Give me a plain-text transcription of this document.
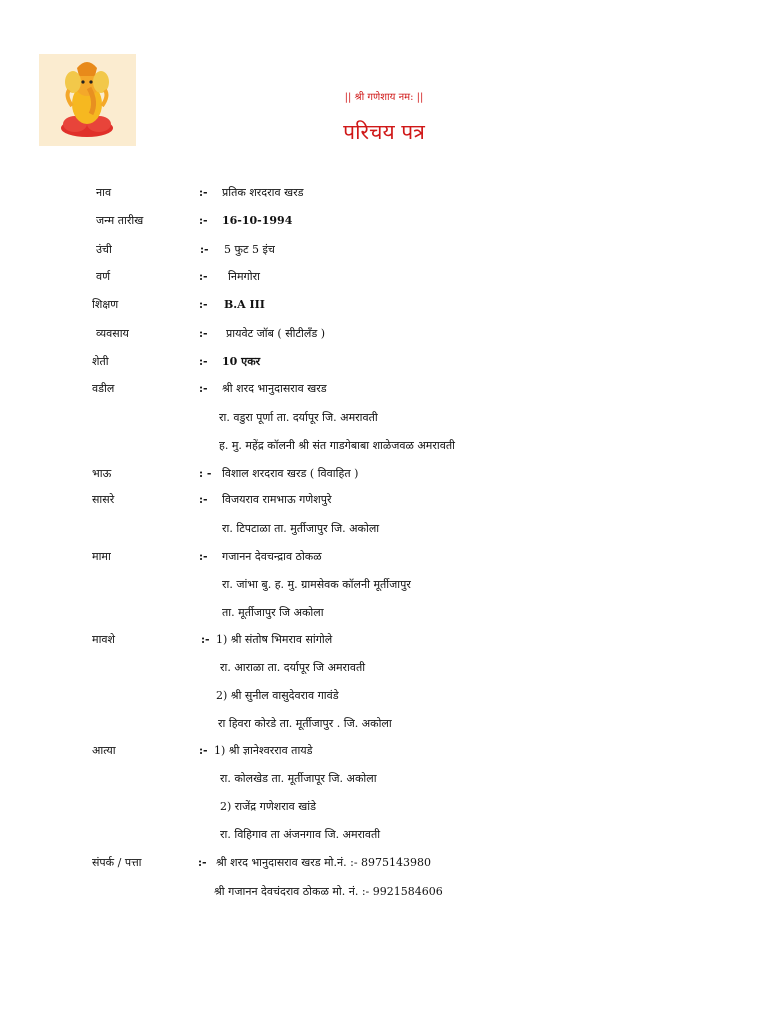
|| श्री गणेशाय नम: ||
परिचय पत्र
नाव	:- प्रतिक शरदराव खरड
जन्म तारीख	:- 16-10-1994
उंची	:- 5 फुट 5 इंच
वर्ण	:- निमगोरा
शिक्षण	:- B.A III
व्यवसाय	:- प्रायवेट जॉब ( सीटीलँड )
शेती	:- 10 एकर
वडील	:- श्री शरद भानुदासराव खरड
रा. वडुरा पूर्णा ता. दर्यापूर जि. अमरावती
ह. मु. महेंद्र कॉलनी श्री संत गाडगेबाबा शाळेजवळ अमरावती
भाऊ	: - विशाल शरदराव खरड ( विवाहित )
सासरे	:- विजयराव रामभाऊ गणेशपुरे
रा. टिपटाळा ता. मुर्तीजापुर जि. अकोला
मामा	:- गजानन देवचन्द्राव ठोकळ
रा. जांभा बु. ह. मु. ग्रामसेवक कॉलनी मूर्तीजापुर
ता. मूर्तीजापुर जि अकोला
मावशे	:- 1) श्री संतोष भिमराव सांगोले
रा. आराळा ता. दर्यापूर जि अमरावती
2) श्री सुनील वासुदेवराव गावंडे
रा हिवरा कोरडे ता. मूर्तीजापुर . जि. अकोला
आत्या	:- 1) श्री ज्ञानेश्वरराव तायडे
रा. कोलखेड ता. मूर्तीजापूर जि. अकोला
2) राजेंद्र गणेशराव खांडे
रा. विहिगाव ता अंजनगाव जि. अमरावती
संपर्क / पत्ता	:- श्री शरद भानुदासराव खरड मो.नं. :- 8975143980
श्री गजानन देवचंदराव ठोकळ मो. नं. :- 9921584606
